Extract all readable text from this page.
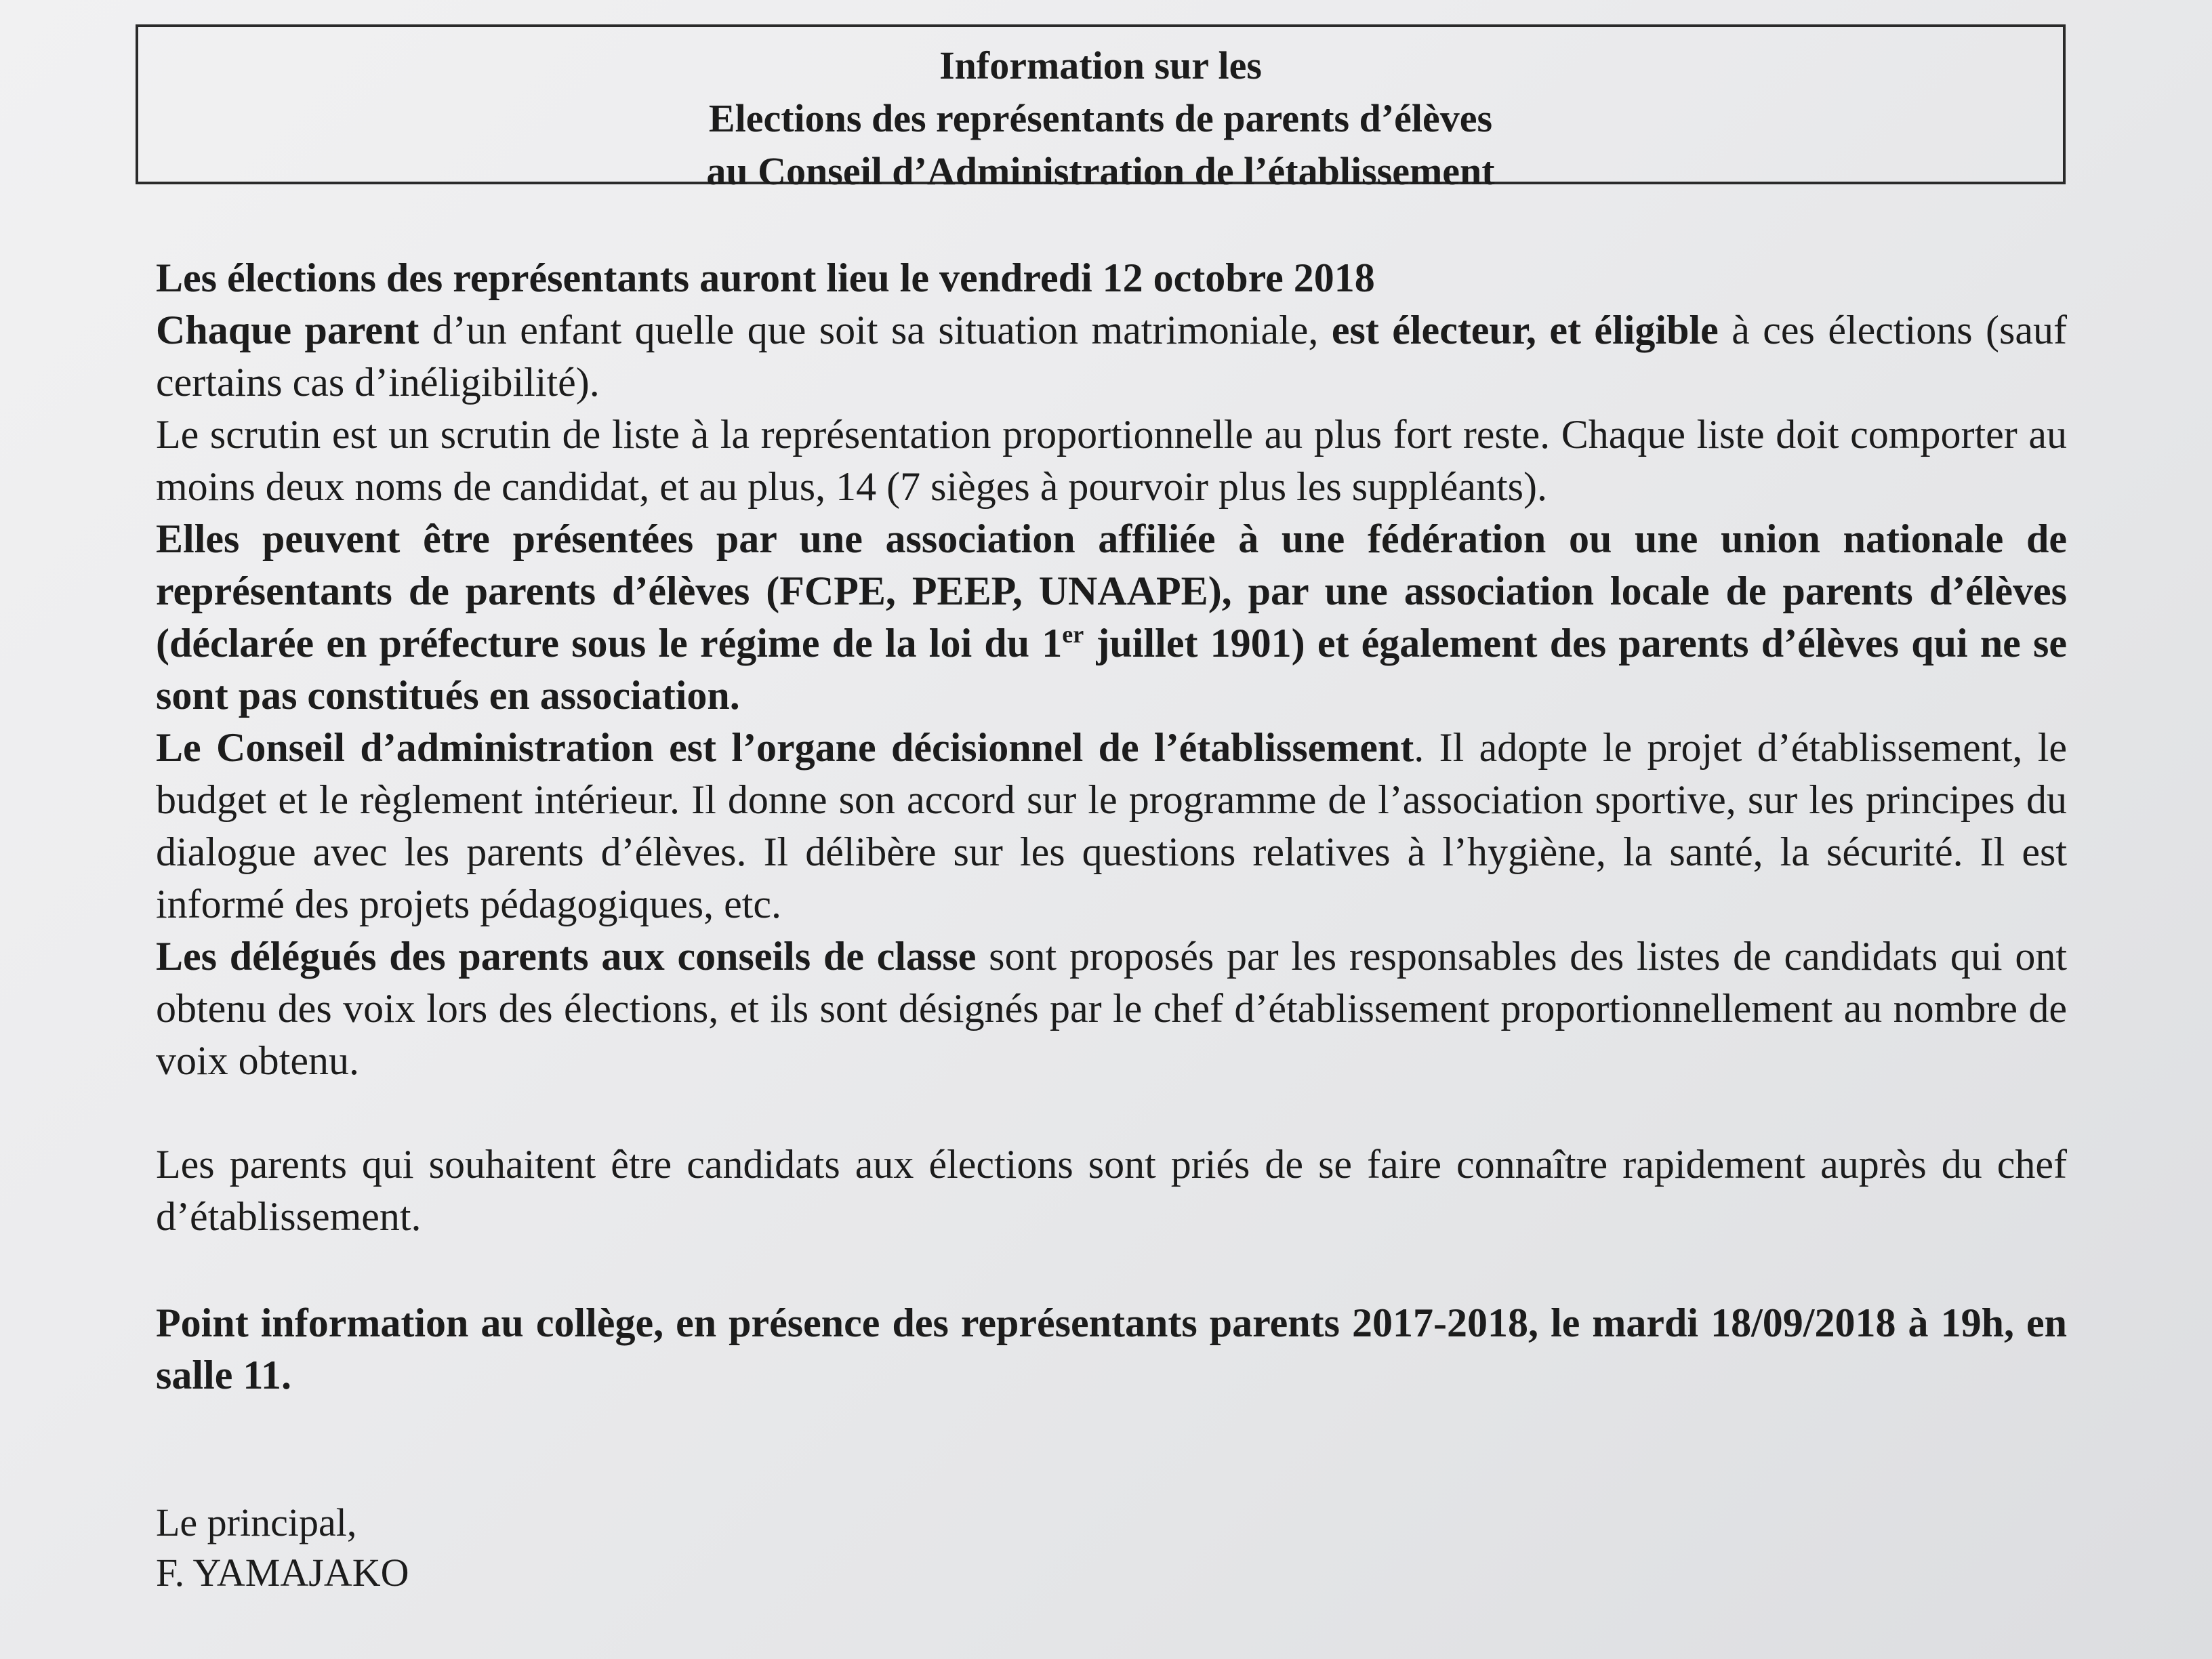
Information sur les
Elections des représentants de parents d’élèves
au Conseil d’Administration de l’établissement

Les élections des représentants auront lieu le vendredi 12 octobre 2018

Chaque parent d’un enfant quelle que soit sa situation matrimoniale, est électeur, et éligible à ces élections (sauf certains cas d’inéligibilité).

Le scrutin est un scrutin de liste à la représentation proportionnelle au plus fort reste. Chaque liste doit comporter au moins deux noms de candidat, et au plus, 14 (7 sièges à pourvoir plus les suppléants).

Elles peuvent être présentées par une association affiliée à une fédération ou une union nationale de représentants de parents d’élèves (FCPE, PEEP, UNAAPE), par une association locale de parents d’élèves (déclarée en préfecture sous le régime de la loi du 1er juillet 1901) et également des parents d’élèves qui ne se sont pas constitués en association.

Le Conseil d’administration est l’organe décisionnel de l’établissement. Il adopte le projet d’établissement, le budget et le règlement intérieur. Il donne son accord sur le programme de l’association sportive, sur les principes du dialogue avec les parents d’élèves. Il délibère sur les questions relatives à l’hygiène, la santé, la sécurité. Il est informé des projets pédagogiques, etc.

Les délégués des parents aux conseils de classe sont proposés par les responsables des listes de candidats qui ont obtenu des voix lors des élections, et ils sont désignés par le chef d’établissement proportionnellement au nombre de voix obtenu.

Les parents qui souhaitent être candidats aux élections sont priés de se faire connaître rapidement auprès du chef d’établissement.

Point information au collège, en présence des représentants parents 2017-2018, le mardi 18/09/2018 à 19h, en salle 11.

Le principal,
F. YAMAJAKO
